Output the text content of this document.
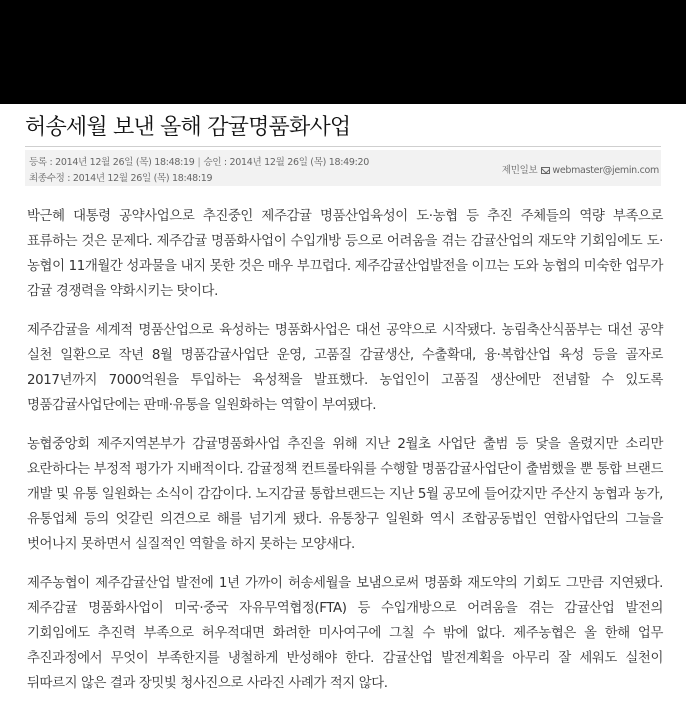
허송세월 보낸 올해 감귤명품화사업
등록 : 2014년 12월 26일 (목) 18:48:19 | 승인 : 2014년 12월 26일 (목) 18:49:20
최종수정 : 2014년 12월 26일 (목) 18:48:19
제민일보 webmaster@jemin.com

박근혜 대통령 공약사업으로 추진중인 제주감귤 명품산업육성이 도·농협 등 추진 주체들의 역량 부족으로 표류하는 것은 문제다. 제주감귤 명품화사업이 수입개방 등으로 어려움을 겪는 감귤산업의 재도약 기회임에도 도·농협이 11개월간 성과물을 내지 못한 것은 매우 부끄럽다. 제주감귤산업발전을 이끄는 도와 농협의 미숙한 업무가 감귤 경쟁력을 약화시키는 탓이다.

제주감귤을 세계적 명품산업으로 육성하는 명품화사업은 대선 공약으로 시작됐다. 농림축산식품부는 대선 공약 실천 일환으로 작년 8월 명품감귤사업단 운영, 고품질 감귤생산, 수출확대, 융·복합산업 육성 등을 골자로 2017년까지 7000억원을 투입하는 육성책을 발표했다. 농업인이 고품질 생산에만 전념할 수 있도록 명품감귤사업단에는 판매·유통을 일원화하는 역할이 부여됐다.

농협중앙회 제주지역본부가 감귤명품화사업 추진을 위해 지난 2월초 사업단 출범 등 닻을 올렸지만 소리만 요란하다는 부정적 평가가 지배적이다. 감귤정책 컨트롤타워를 수행할 명품감귤사업단이 출범했을 뿐 통합 브랜드 개발 및 유통 일원화는 소식이 감감이다. 노지감귤 통합브랜드는 지난 5월 공모에 들어갔지만 주산지 농협과 농가, 유통업체 등의 엇갈린 의견으로 해를 넘기게 됐다. 유통창구 일원화 역시 조합공동법인 연합사업단의 그늘을 벗어나지 못하면서 실질적인 역할을 하지 못하는 모양새다.

제주농협이 제주감귤산업 발전에 1년 가까이 허송세월을 보냄으로써 명품화 재도약의 기회도 그만큼 지연됐다. 제주감귤 명품화사업이 미국·중국 자유무역협정(FTA) 등 수입개방으로 어려움을 겪는 감귤산업 발전의 기회임에도 추진력 부족으로 허우적대면 화려한 미사여구에 그칠 수 밖에 없다. 제주농협은 올 한해 업무 추진과정에서 무엇이 부족한지를 냉철하게 반성해야 한다. 감귤산업 발전계획을 아무리 잘 세워도 실천이 뒤따르지 않은 결과 장밋빛 청사진으로 사라진 사례가 적지 않다.
